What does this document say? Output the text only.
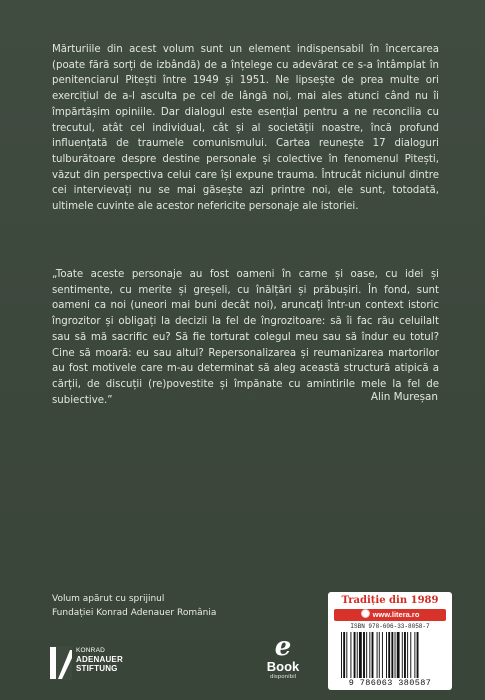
Mărturiile din acest volum sunt un element indispensabil în încercarea (poate fără sorți de izbândă) de a înțelege cu adevărat ce s-a întâmplat în penitenciarul Pitești între 1949 și 1951. Ne lipsește de prea multe ori exercițiul de a-l asculta pe cel de lângă noi, mai ales atunci când nu îi împărtășim opiniile. Dar dialogul este esențial pentru a ne reconcilia cu trecutul, atât cel individual, cât și al societății noastre, încă profund influențată de traumele comunismului. Cartea reunește 17 dialoguri tulburătoare despre destine personale și colective în fenomenul Pitești, văzut din perspectiva celui care își expune trauma. Întrucât niciunul dintre cei intervievați nu se mai găsește azi printre noi, ele sunt, totodată, ultimele cuvinte ale acestor nefericite personaje ale istoriei.

„Toate aceste personaje au fost oameni în carne și oase, cu idei și sentimente, cu merite și greșeli, cu înălțări și prăbușiri. În fond, sunt oameni ca noi (uneori mai buni decât noi), aruncați într-un context istoric îngrozitor și obligați la decizii la fel de îngrozitoare: să îi fac rău celuilalt sau să mă sacrific eu? Să fie torturat colegul meu sau să îndur eu totul? Cine să moară: eu sau altul? Repersonalizarea și reumanizarea martorilor au fost motivele care m-au determinat să aleg această structură atipică a cărții, de discuții (re)povestite și împănate cu amintirile mele la fel de subiective.”	Alin Mureșan
Volum apărut cu sprijinul
Fundației Konrad Adenauer România
KONRAD
ADENAUER
STIFTUNG
e
Book
disponibil
Tradiție din 1989
www.litera.ro
ISBN 978-606-33-8058-7
9 786063 380587
